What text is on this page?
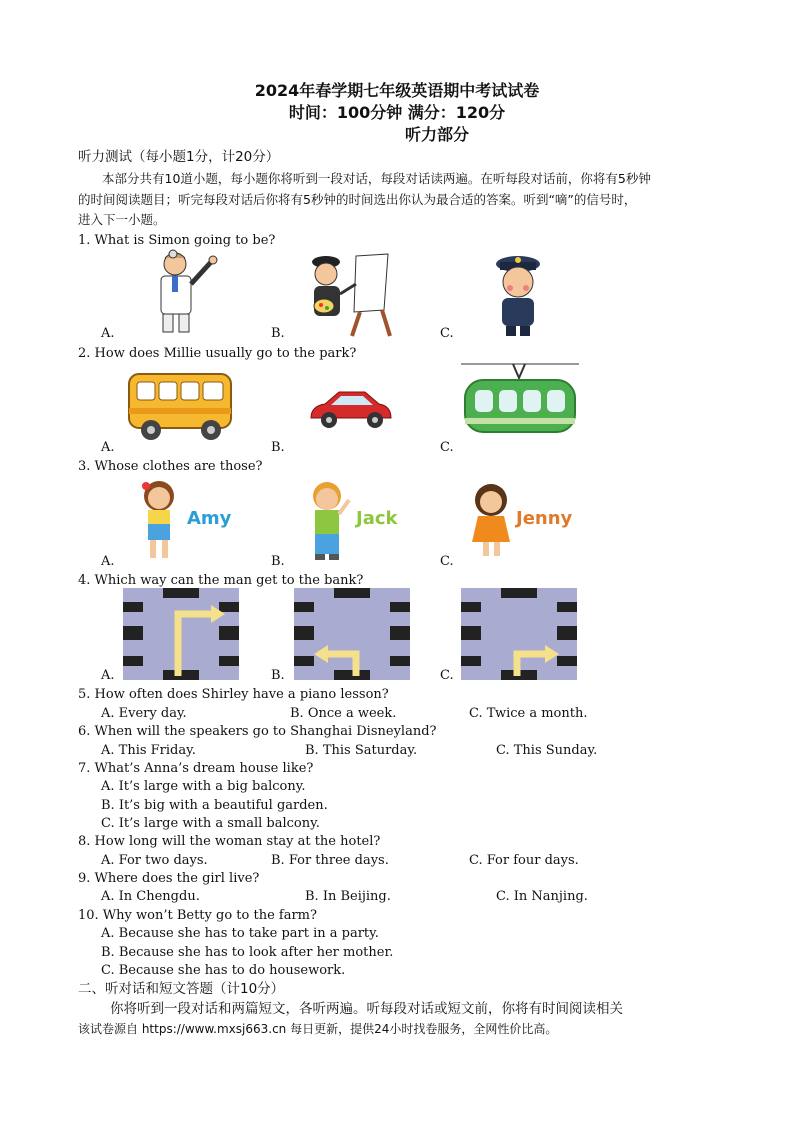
2024年春学期七年级英语期中考试试卷
时间：100分钟 满分：120分
听力部分
听力测试（每小题1分，计20分）
本部分共有10道小题，每小题你将听到一段对话，每段对话读两遍。在听每段对话前，你将有5秒钟
的时间阅读题目；听完每段对话后你将有5秒钟的时间选出你认为最合适的答案。听到“嘀”的信号时，
进入下一小题。
1. What is Simon going to be?
A.	B.	C.
2. How does Millie usually go to the park?
A.	B.	C.
3. Whose clothes are those?
Amy	Jack	Jenny
A.	B.	C.
4. Which way can the man get to the bank?
A.	B.	C.
5. How often does Shirley have a piano lesson?
A. Every day.	B. Once a week.	C. Twice a month.
6. When will the speakers go to Shanghai Disneyland?
A. This Friday.	B. This Saturday.	C. This Sunday.
7. What’s Anna’s dream house like?
A. It’s large with a big balcony.
B. It’s big with a beautiful garden.
C. It’s large with a small balcony.
8. How long will the woman stay at the hotel?
A. For two days.	B. For three days.	C. For four days.
9. Where does the girl live?
A. In Chengdu.	B. In Beijing.	C. In Nanjing.
10. Why won’t Betty go to the farm?
A. Because she has to take part in a party.
B. Because she has to look after her mother.
C. Because she has to do housework.
二、听对话和短文答题（计10分）
你将听到一段对话和两篇短文，各听两遍。听每段对话或短文前，你将有时间阅读相关
该试卷源自 https://www.mxsj663.cn 每日更新，提供24小时找卷服务，全网性价比高。
